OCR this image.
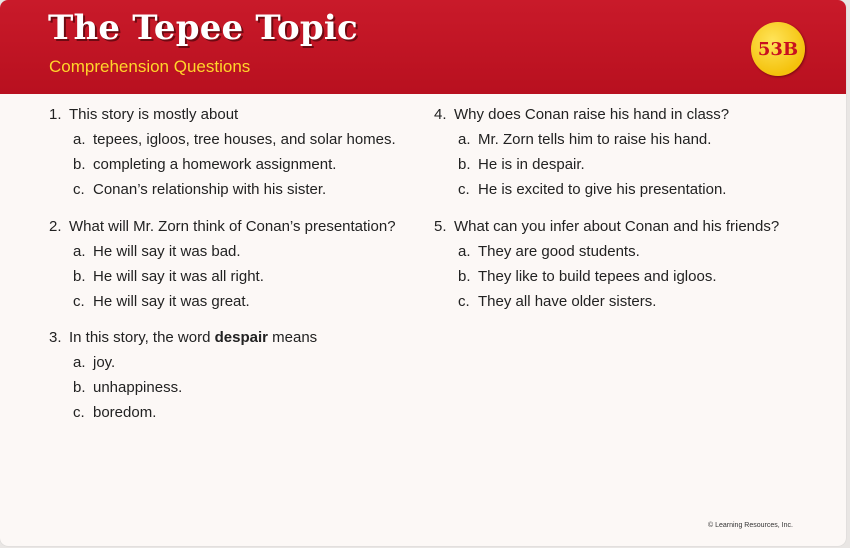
The Tepee Topic
Comprehension Questions
53B
1. This story is mostly about
a. tepees, igloos, tree houses, and solar homes.
b. completing a homework assignment.
c. Conan’s relationship with his sister.
2. What will Mr. Zorn think of Conan’s presentation?
a. He will say it was bad.
b. He will say it was all right.
c. He will say it was great.
3. In this story, the word despair means
a. joy.
b. unhappiness.
c. boredom.
4. Why does Conan raise his hand in class?
a. Mr. Zorn tells him to raise his hand.
b. He is in despair.
c. He is excited to give his presentation.
5. What can you infer about Conan and his friends?
a. They are good students.
b. They like to build tepees and igloos.
c. They all have older sisters.
© Learning Resources, Inc.
